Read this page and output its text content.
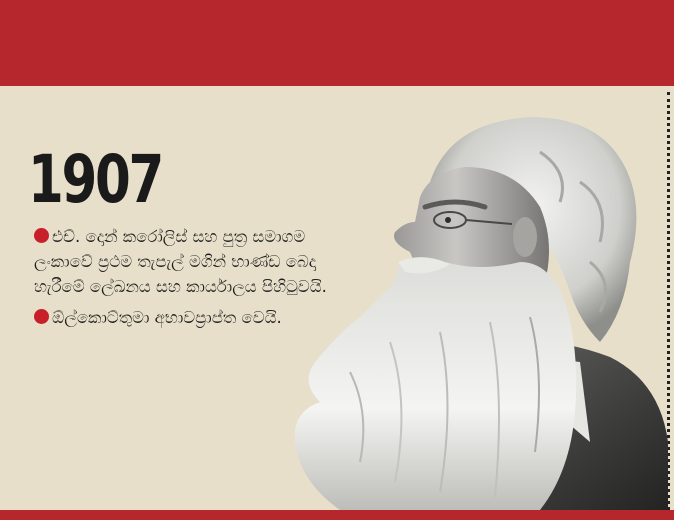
1907
එච්. දොන් කරෝලිස් සහ පුත්‍ර සමාගම ලංකාවේ ප්‍රථම තැපැල් මගින් භාණ්ඩ බෙදා හැරීමේ ලේඛනය සහ කාර්යාලය පිහිටුවයි.
ඕල්කොට්තුමා අභාවප්‍රාප්ත වෙයි.
